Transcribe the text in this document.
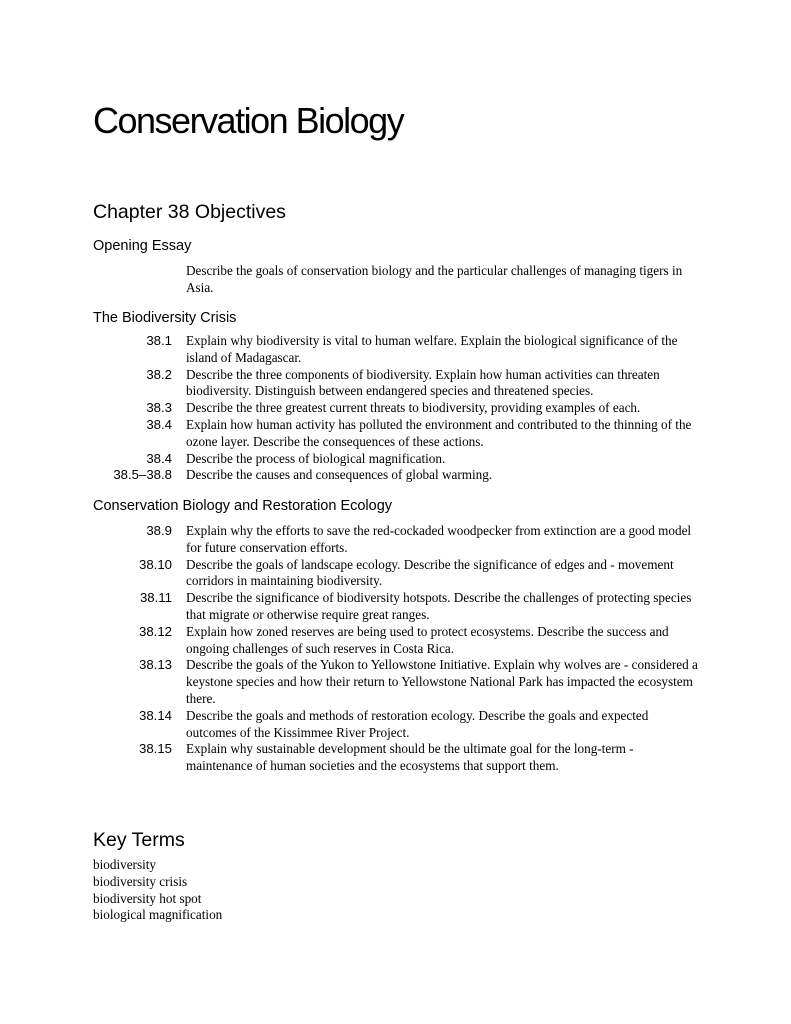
Conservation Biology
Chapter 38 Objectives
Opening Essay
Describe the goals of conservation biology and the particular challenges of managing tigers in Asia.
The Biodiversity Crisis
38.1 Explain why biodiversity is vital to human welfare. Explain the biological significance of the island of Madagascar.
38.2 Describe the three components of biodiversity. Explain how human activities can threaten biodiversity. Distinguish between endangered species and threatened species.
38.3 Describe the three greatest current threats to biodiversity, providing examples of each.
38.4 Explain how human activity has polluted the environment and contributed to the thinning of the ozone layer. Describe the consequences of these actions.
38.4 Describe the process of biological magnification.
38.5–38.8 Describe the causes and consequences of global warming.
Conservation Biology and Restoration Ecology
38.9 Explain why the efforts to save the red-cockaded woodpecker from extinction are a good model for future conservation efforts.
38.10 Describe the goals of landscape ecology. Describe the significance of edges and - movement corridors in maintaining biodiversity.
38.11 Describe the significance of biodiversity hotspots. Describe the challenges of protecting species that migrate or otherwise require great ranges.
38.12 Explain how zoned reserves are being used to protect ecosystems. Describe the success and ongoing challenges of such reserves in Costa Rica.
38.13 Describe the goals of the Yukon to Yellowstone Initiative. Explain why wolves are - considered a keystone species and how their return to Yellowstone National Park has impacted the ecosystem there.
38.14 Describe the goals and methods of restoration ecology. Describe the goals and expected outcomes of the Kissimmee River Project.
38.15 Explain why sustainable development should be the ultimate goal for the long-term - maintenance of human societies and the ecosystems that support them.
Key Terms
biodiversity
biodiversity crisis
biodiversity hot spot
biological magnification
